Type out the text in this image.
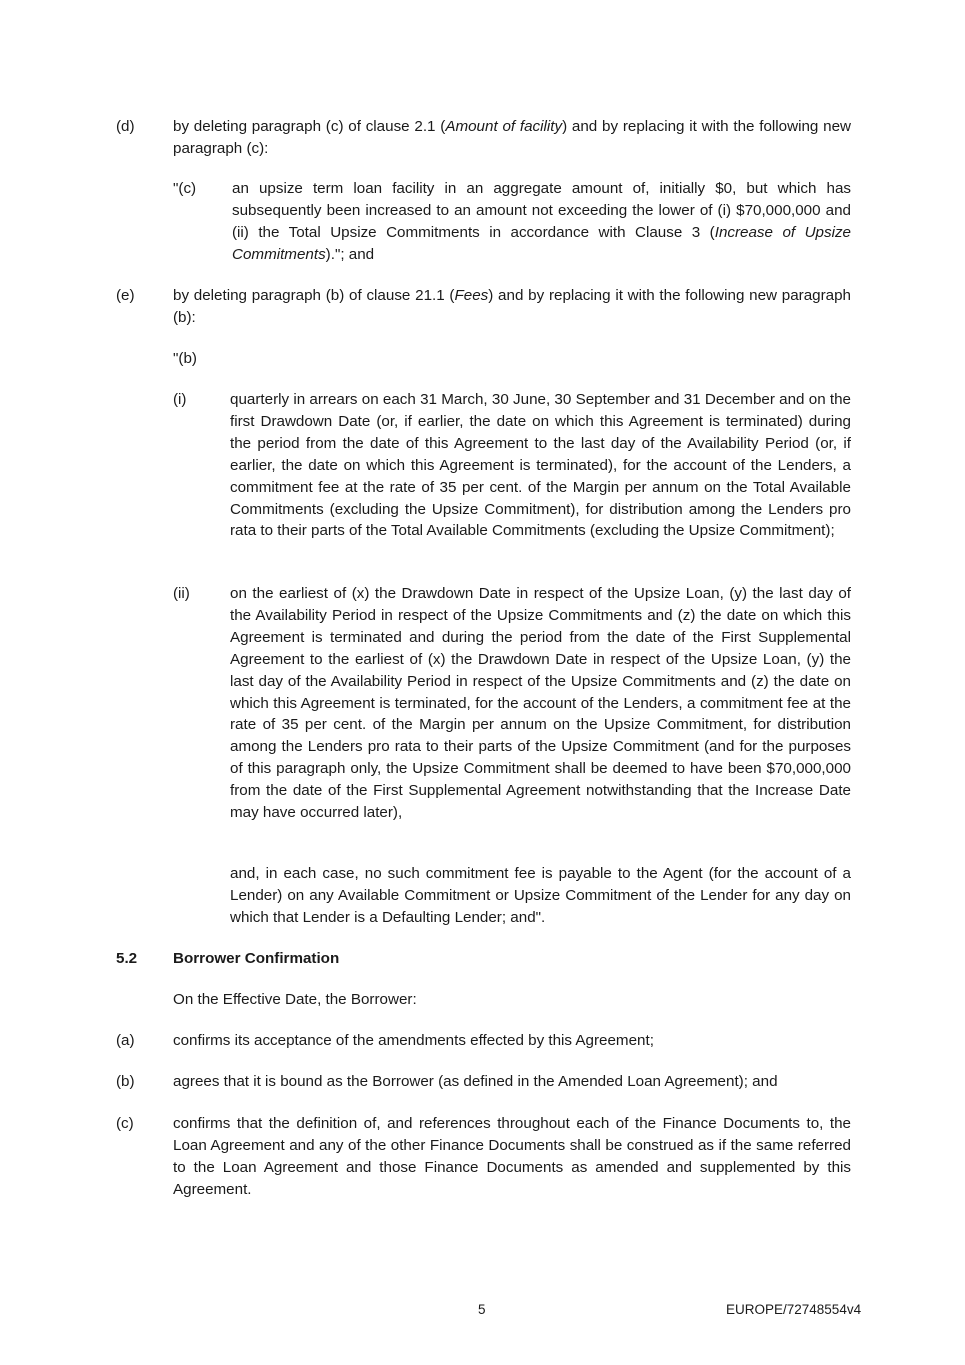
(d)	by deleting paragraph (c) of clause 2.1 (Amount of facility) and by replacing it with the following new paragraph (c):
"(c) an upsize term loan facility in an aggregate amount of, initially $0, but which has subsequently been increased to an amount not exceeding the lower of (i) $70,000,000 and (ii) the Total Upsize Commitments in accordance with Clause 3 (Increase of Upsize Commitments)."; and
(e)	by deleting paragraph (b) of clause 21.1 (Fees) and by replacing it with the following new paragraph (b):
"(b)
(i)	quarterly in arrears on each 31 March, 30 June, 30 September and 31 December and on the first Drawdown Date (or, if earlier, the date on which this Agreement is terminated) during the period from the date of this Agreement to the last day of the Availability Period (or, if earlier, the date on which this Agreement is terminated), for the account of the Lenders, a commitment fee at the rate of 35 per cent. of the Margin per annum on the Total Available Commitments (excluding the Upsize Commitment), for distribution among the Lenders pro rata to their parts of the Total Available Commitments (excluding the Upsize Commitment);
(ii)	on the earliest of (x) the Drawdown Date in respect of the Upsize Loan, (y) the last day of the Availability Period in respect of the Upsize Commitments and (z) the date on which this Agreement is terminated and during the period from the date of the First Supplemental Agreement to the earliest of (x) the Drawdown Date in respect of the Upsize Loan, (y) the last day of the Availability Period in respect of the Upsize Commitments and (z) the date on which this Agreement is terminated, for the account of the Lenders, a commitment fee at the rate of 35 per cent. of the Margin per annum on the Upsize Commitment, for distribution among the Lenders pro rata to their parts of the Upsize Commitment (and for the purposes of this paragraph only, the Upsize Commitment shall be deemed to have been $70,000,000 from the date of the First Supplemental Agreement notwithstanding that the Increase Date may have occurred later),
and, in each case, no such commitment fee is payable to the Agent (for the account of a Lender) on any Available Commitment or Upsize Commitment of the Lender for any day on which that Lender is a Defaulting Lender; and".
5.2 Borrower Confirmation
On the Effective Date, the Borrower:
(a)	confirms its acceptance of the amendments effected by this Agreement;
(b)	agrees that it is bound as the Borrower (as defined in the Amended Loan Agreement); and
(c)	confirms that the definition of, and references throughout each of the Finance Documents to, the Loan Agreement and any of the other Finance Documents shall be construed as if the same referred to the Loan Agreement and those Finance Documents as amended and supplemented by this Agreement.
5	EUROPE/72748554v4
